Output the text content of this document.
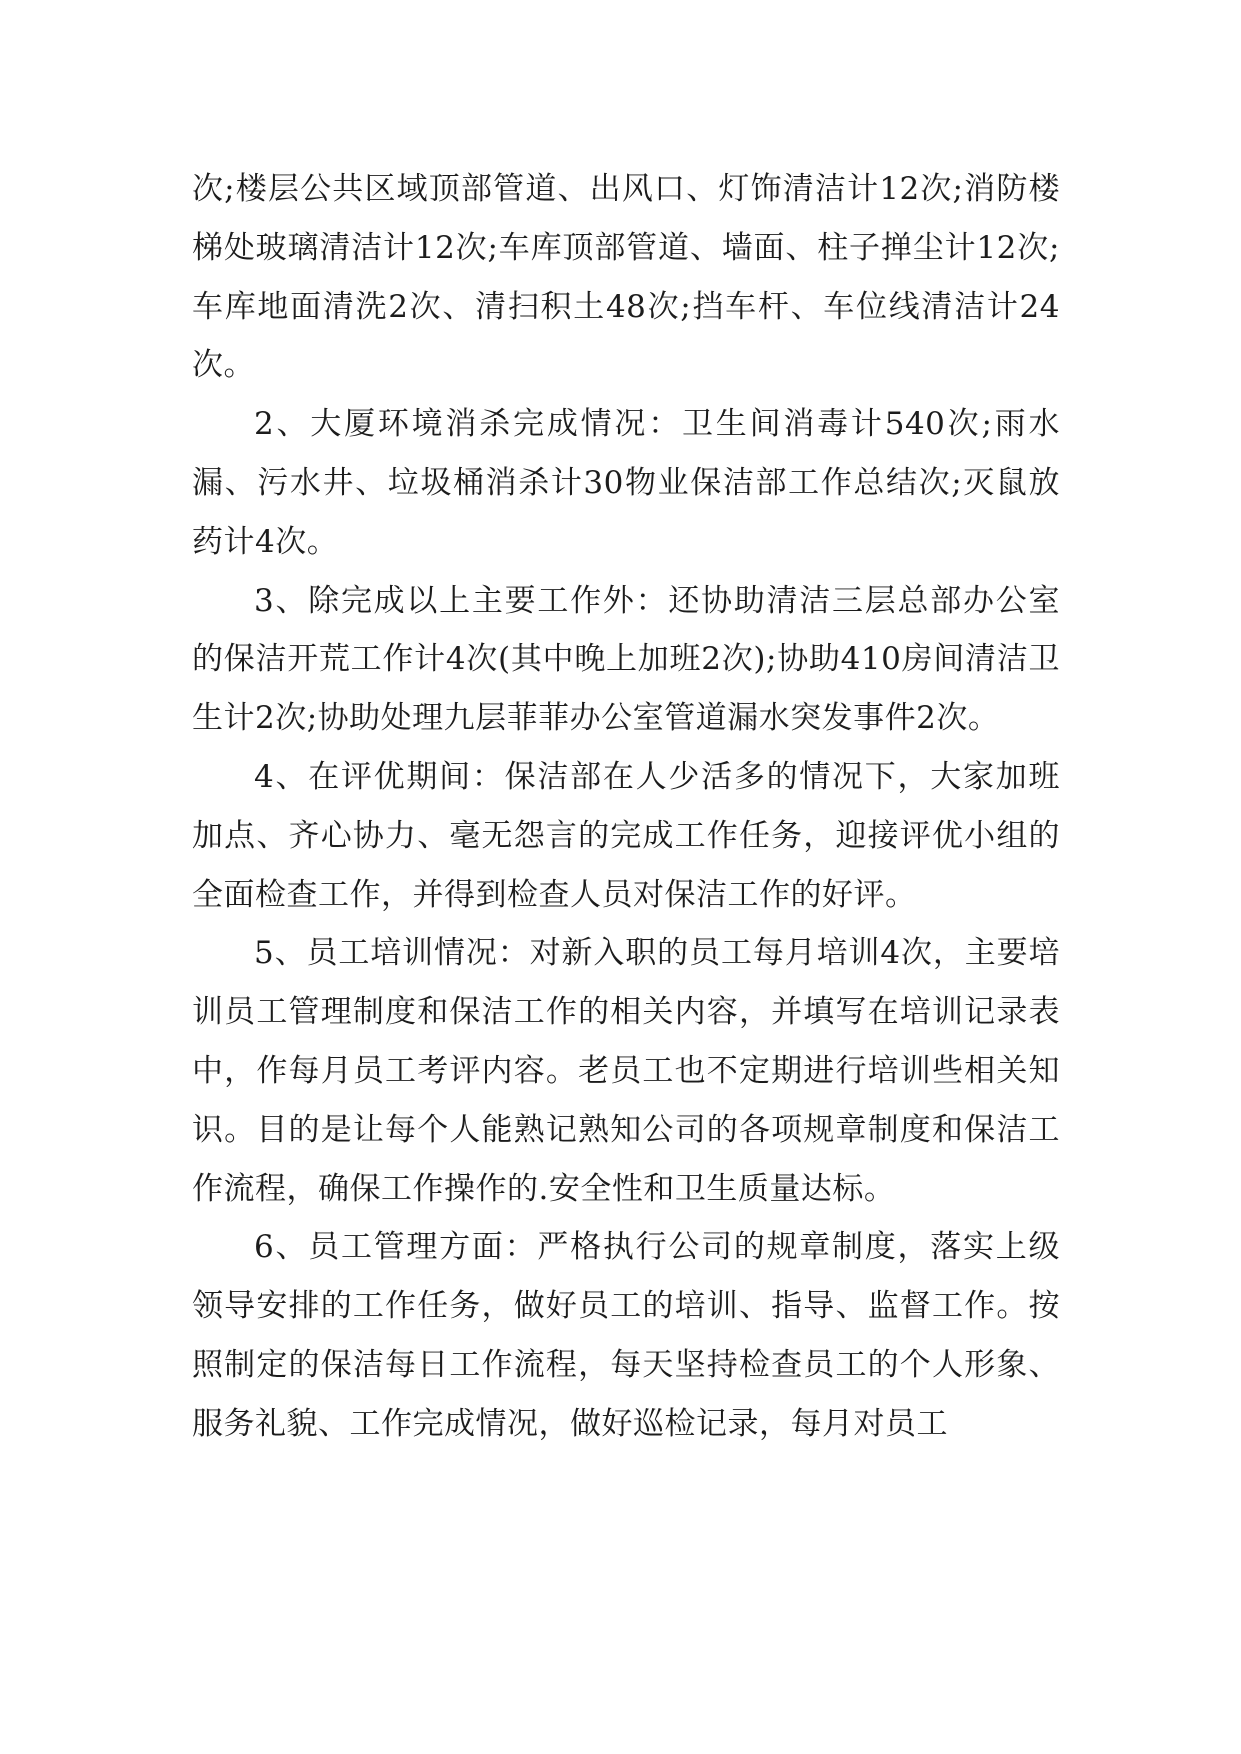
次;楼层公共区域顶部管道、出风口、灯饰清洁计12次;消防楼梯处玻璃清洁计12次;车库顶部管道、墙面、柱子掸尘计12次;车库地面清洗2次、清扫积土48次;挡车杆、车位线清洁计24次。

2、大厦环境消杀完成情况：卫生间消毒计540次;雨水漏、污水井、垃圾桶消杀计30物业保洁部工作总结次;灭鼠放药计4次。

3、除完成以上主要工作外：还协助清洁三层总部办公室的保洁开荒工作计4次(其中晚上加班2次);协助410房间清洁卫生计2次;协助处理九层菲菲办公室管道漏水突发事件2次。

4、在评优期间：保洁部在人少活多的情况下，大家加班加点、齐心协力、毫无怨言的完成工作任务，迎接评优小组的全面检查工作，并得到检查人员对保洁工作的好评。

5、员工培训情况：对新入职的员工每月培训4次，主要培训员工管理制度和保洁工作的相关内容，并填写在培训记录表中，作每月员工考评内容。老员工也不定期进行培训些相关知识。目的是让每个人能熟记熟知公司的各项规章制度和保洁工作流程，确保工作操作的.安全性和卫生质量达标。

6、员工管理方面：严格执行公司的规章制度，落实上级领导安排的工作任务，做好员工的培训、指导、监督工作。按照制定的保洁每日工作流程，每天坚持检查员工的个人形象、服务礼貌、工作完成情况，做好巡检记录，每月对员工
